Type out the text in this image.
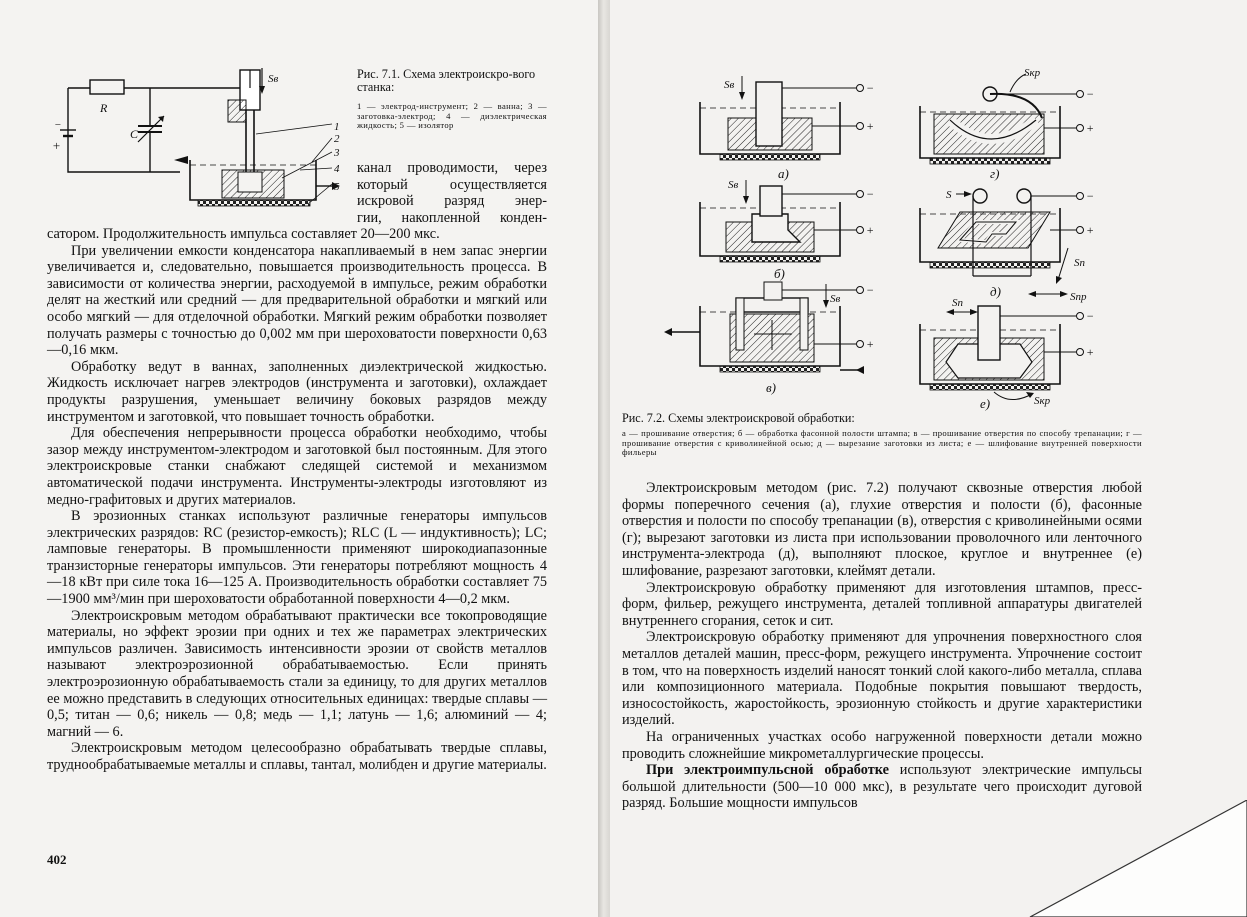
−
+
R
C
Sв
1
2
3
4
5

Рис. 7.1. Схема электроискро-вого станка:

1 — электрод-инструмент; 2 — ванна; 3 — заготовка-электрод; 4 — диэлектрическая жидкость; 5 — изолятор

канал проводимости, через
который осуществляется
искровой разряд энер-
гии, накопленной конден-

сатором. Продолжительность импульса составляет 20—200 мкс.

При увеличении емкости конденсатора накапливаемый в нем запас энергии увеличивается и, следовательно, повышается производительность процесса. В зависимости от количества энергии, расходуемой в импульсе, режим обработки делят на жесткий или средний — для предварительной обработки и мягкий или особо мягкий — для отделочной обработки. Мягкий режим обработки позволяет получать размеры с точностью до 0,002 мм при шероховатости поверхности 0,63—0,16 мкм.

Обработку ведут в ваннах, заполненных диэлектрической жидкостью. Жидкость исключает нагрев электродов (инструмента и заготовки), охлаждает продукты разрушения, уменьшает величину боковых разрядов между инструментом и заготовкой, что повышает точность обработки.

Для обеспечения непрерывности процесса обработки необходимо, чтобы зазор между инструментом-электродом и заготовкой был постоянным. Для этого электроискровые станки снабжают следящей системой и механизмом автоматической подачи инструмента. Инструменты-электроды изготовляют из медно-графитовых и других материалов.

В эрозионных станках используют различные генераторы импульсов электрических разрядов: RC (резистор-емкость); RLC (L — индуктивность); LC; ламповые генераторы. В промышленности применяют широкодиапазонные транзисторные генераторы импульсов. Эти генераторы потребляют мощность 4—18 кВт при силе тока 16—125 А. Производительность обработки составляет 75—1900 мм³/мин при шероховатости обработанной поверхности 4—0,2 мкм.

Электроискровым методом обрабатывают практически все токопроводящие материалы, но эффект эрозии при одних и тех же параметрах электрических импульсов различен. Зависимость интенсивности эрозии от свойств металлов называют электроэрозионной обрабатываемостью. Если принять электроэрозионную обрабатываемость стали за единицу, то для других металлов ее можно представить в следующих относительных единицах: твердые сплавы — 0,5; титан — 0,6; никель — 0,8; медь — 1,1; латунь — 1,6; алюминий — 4; магний — 6.

Электроискровым методом целесообразно обрабатывать твердые сплавы, труднообрабатываемые металлы и сплавы, тантал, молибден и другие материалы.

402
Sв	−
+
а)
Sв
−
+
б)
Sв
−
+
в)
Sкр
−
+
г)
S
Sп
Sпр
−
+
д)
Sп
Sкр
−
+
е)

Рис. 7.2. Схемы электроискровой обработки:

а — прошивание отверстия; б — обработка фасонной полости штампа; в — прошивание отверстия по способу трепанации; г — прошивание отверстия с криволинейной осью; д — вырезание заготовки из листа; е — шлифование внутренней поверхности фильеры

Электроискровым методом (рис. 7.2) получают сквозные отверстия любой формы поперечного сечения (а), глухие отверстия и полости (б), фасонные отверстия и полости по способу трепанации (в), отверстия с криволинейными осями (г); вырезают заготовки из листа при использовании проволочного или ленточного инструмента-электрода (д), выполняют плоское, круглое и внутреннее (е) шлифование, разрезают заготовки, клеймят детали.

Электроискровую обработку применяют для изготовления штампов, пресс-форм, фильер, режущего инструмента, деталей топливной аппаратуры двигателей внутреннего сгорания, сеток и сит.

Электроискровую обработку применяют для упрочнения поверхностного слоя металлов деталей машин, пресс-форм, режущего инструмента. Упрочнение состоит в том, что на поверхность изделий наносят тонкий слой какого-либо металла, сплава или композиционного материала. Подобные покрытия повышают твердость, износостойкость, жаростойкость, эрозионную стойкость и другие характеристики изделий.

На ограниченных участках особо нагруженной поверхности детали можно проводить сложнейшие микрометаллургические процессы.

При электроимпульсной обработке используют электрические импульсы большой длительности (500—10 000 мкс), в результате чего происходит дуговой разряд. Большие мощности импульсов
